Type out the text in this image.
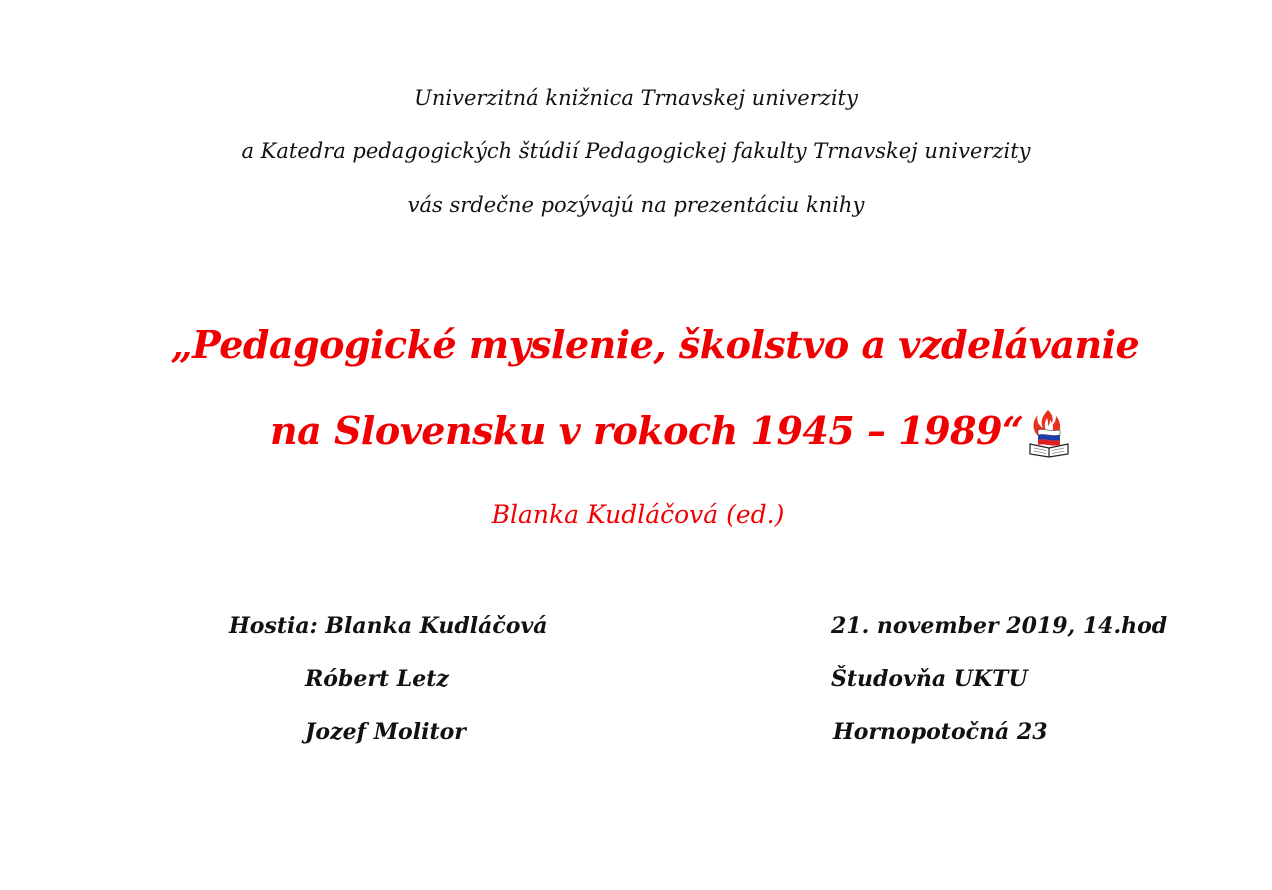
Univerzitná knižnica Trnavskej univerzity
a Katedra pedagogických štúdií Pedagogickej fakulty Trnavskej univerzity
vás srdečne pozývajú na prezentáciu knihy
„Pedagogické myslenie, školstvo a vzdelávanie
na Slovensku v rokoch 1945 – 1989“
Blanka Kudláčová (ed.)
Hostia: Blanka Kudláčová
Róbert Letz
Jozef Molitor
21. november 2019, 14.hod
Študovňa UKTU
Hornopotočná 23
